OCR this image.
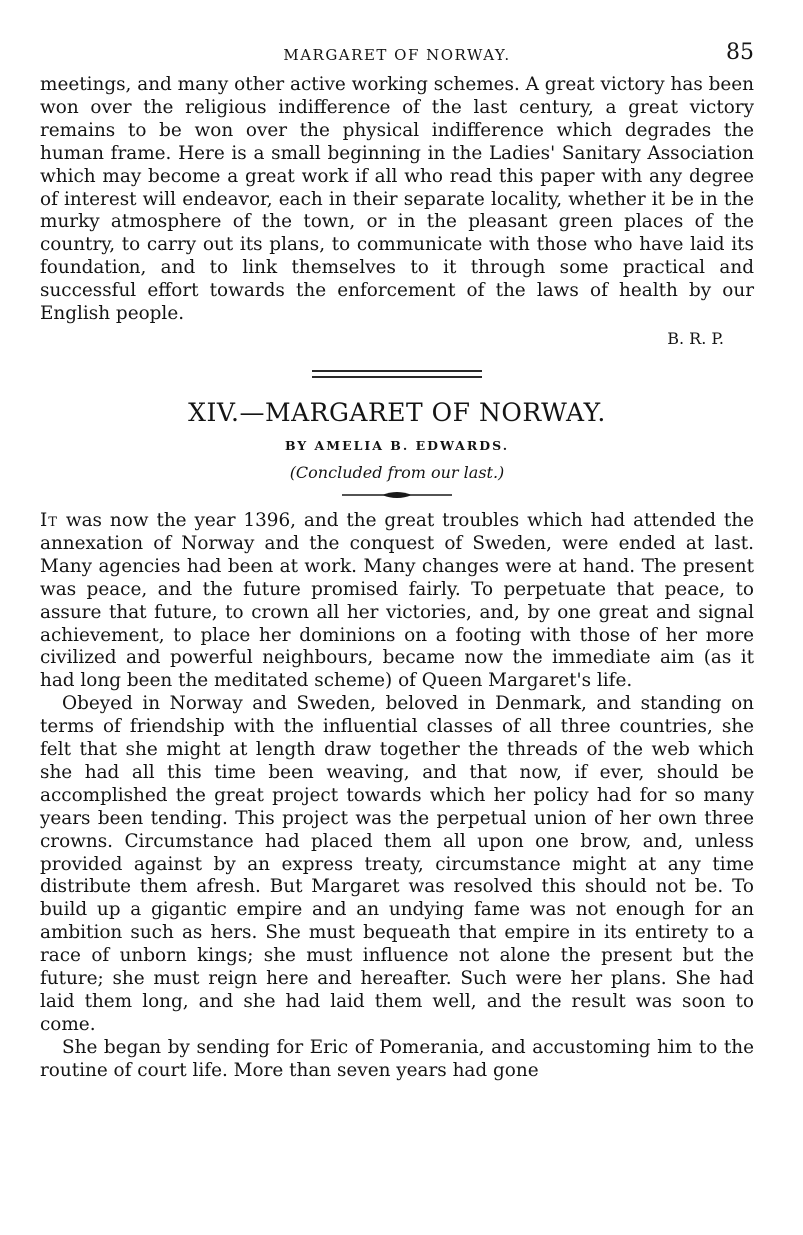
MARGARET OF NORWAY.	85

meetings, and many other active working schemes. A great victory has been won over the religious indifference of the last century, a great victory remains to be won over the physical indifference which degrades the human frame. Here is a small beginning in the Ladies' Sanitary Association which may become a great work if all who read this paper with any degree of interest will endeavor, each in their separate locality, whether it be in the murky atmosphere of the town, or in the pleasant green places of the country, to carry out its plans, to communicate with those who have laid its foundation, and to link themselves to it through some practical and successful effort towards the enforcement of the laws of health by our English people.

B. R. P.
XIV.—MARGARET OF NORWAY.
BY AMELIA B. EDWARDS.
(Concluded from our last.)

It was now the year 1396, and the great troubles which had attended the annexation of Norway and the conquest of Sweden, were ended at last. Many agencies had been at work. Many changes were at hand. The present was peace, and the future promised fairly. To perpetuate that peace, to assure that future, to crown all her victories, and, by one great and signal achievement, to place her dominions on a footing with those of her more civilized and powerful neighbours, became now the immediate aim (as it had long been the meditated scheme) of Queen Margaret's life.

Obeyed in Norway and Sweden, beloved in Denmark, and standing on terms of friendship with the influential classes of all three countries, she felt that she might at length draw together the threads of the web which she had all this time been weaving, and that now, if ever, should be accomplished the great project towards which her policy had for so many years been tending. This project was the perpetual union of her own three crowns. Circumstance had placed them all upon one brow, and, unless provided against by an express treaty, circumstance might at any time distribute them afresh. But Margaret was resolved this should not be. To build up a gigantic empire and an undying fame was not enough for an ambition such as hers. She must bequeath that empire in its entirety to a race of unborn kings; she must influence not alone the present but the future; she must reign here and hereafter. Such were her plans. She had laid them long, and she had laid them well, and the result was soon to come.

She began by sending for Eric of Pomerania, and accustoming him to the routine of court life. More than seven years had gone
